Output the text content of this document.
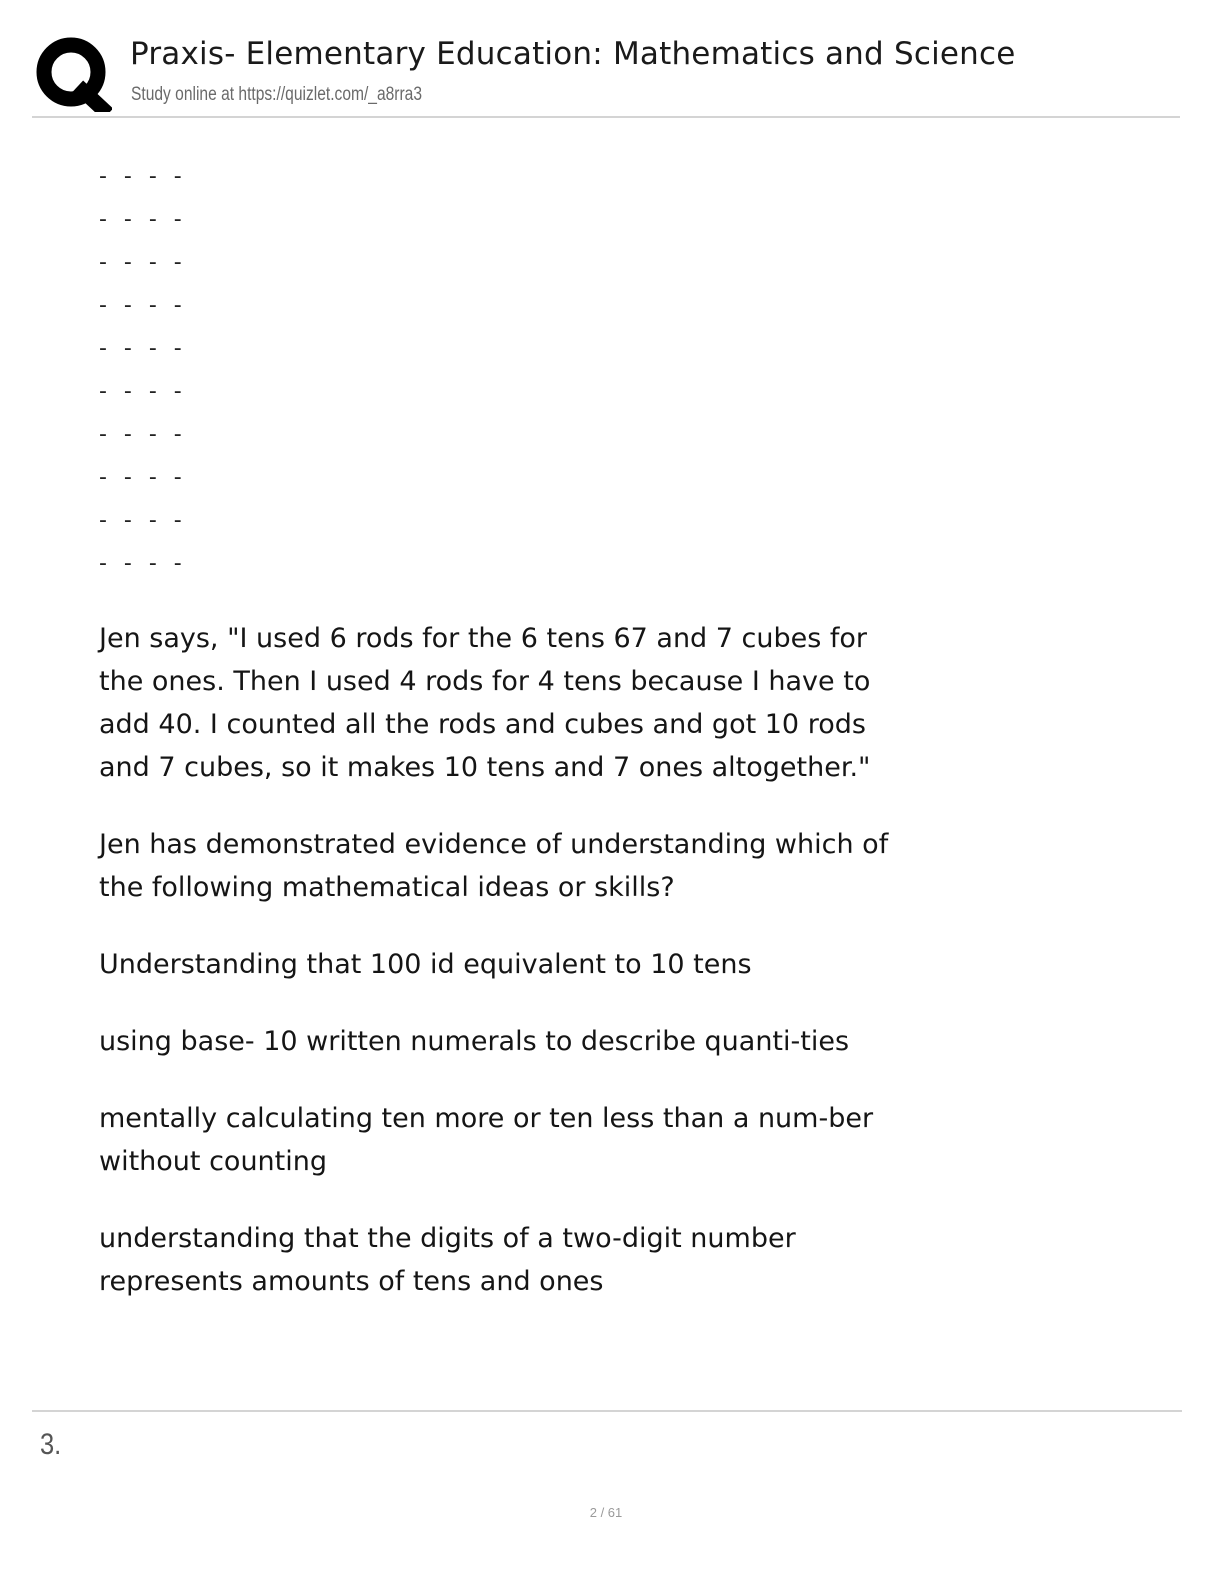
Praxis- Elementary Education: Mathematics and Science
Study online at https://quizlet.com/_a8rra3
- - - -
- - - -
- - - -
- - - -
- - - -
- - - -
- - - -
- - - -
- - - -
- - - -

Jen says, "I used 6 rods for the 6 tens 67 and 7 cubes for the ones. Then I used 4 rods for 4 tens because I have to add 40. I counted all the rods and cubes and got 10 rods and 7 cubes, so it makes 10 tens and 7 ones altogether."

Jen has demonstrated evidence of understanding which of the following mathematical ideas or skills?

Understanding that 100 id equivalent to 10 tens

using base- 10 written numerals to describe quanti-ties

mentally calculating ten more or ten less than a num-ber without counting

understanding that the digits of a two-digit number represents amounts of tens and ones

3.
2 / 61
